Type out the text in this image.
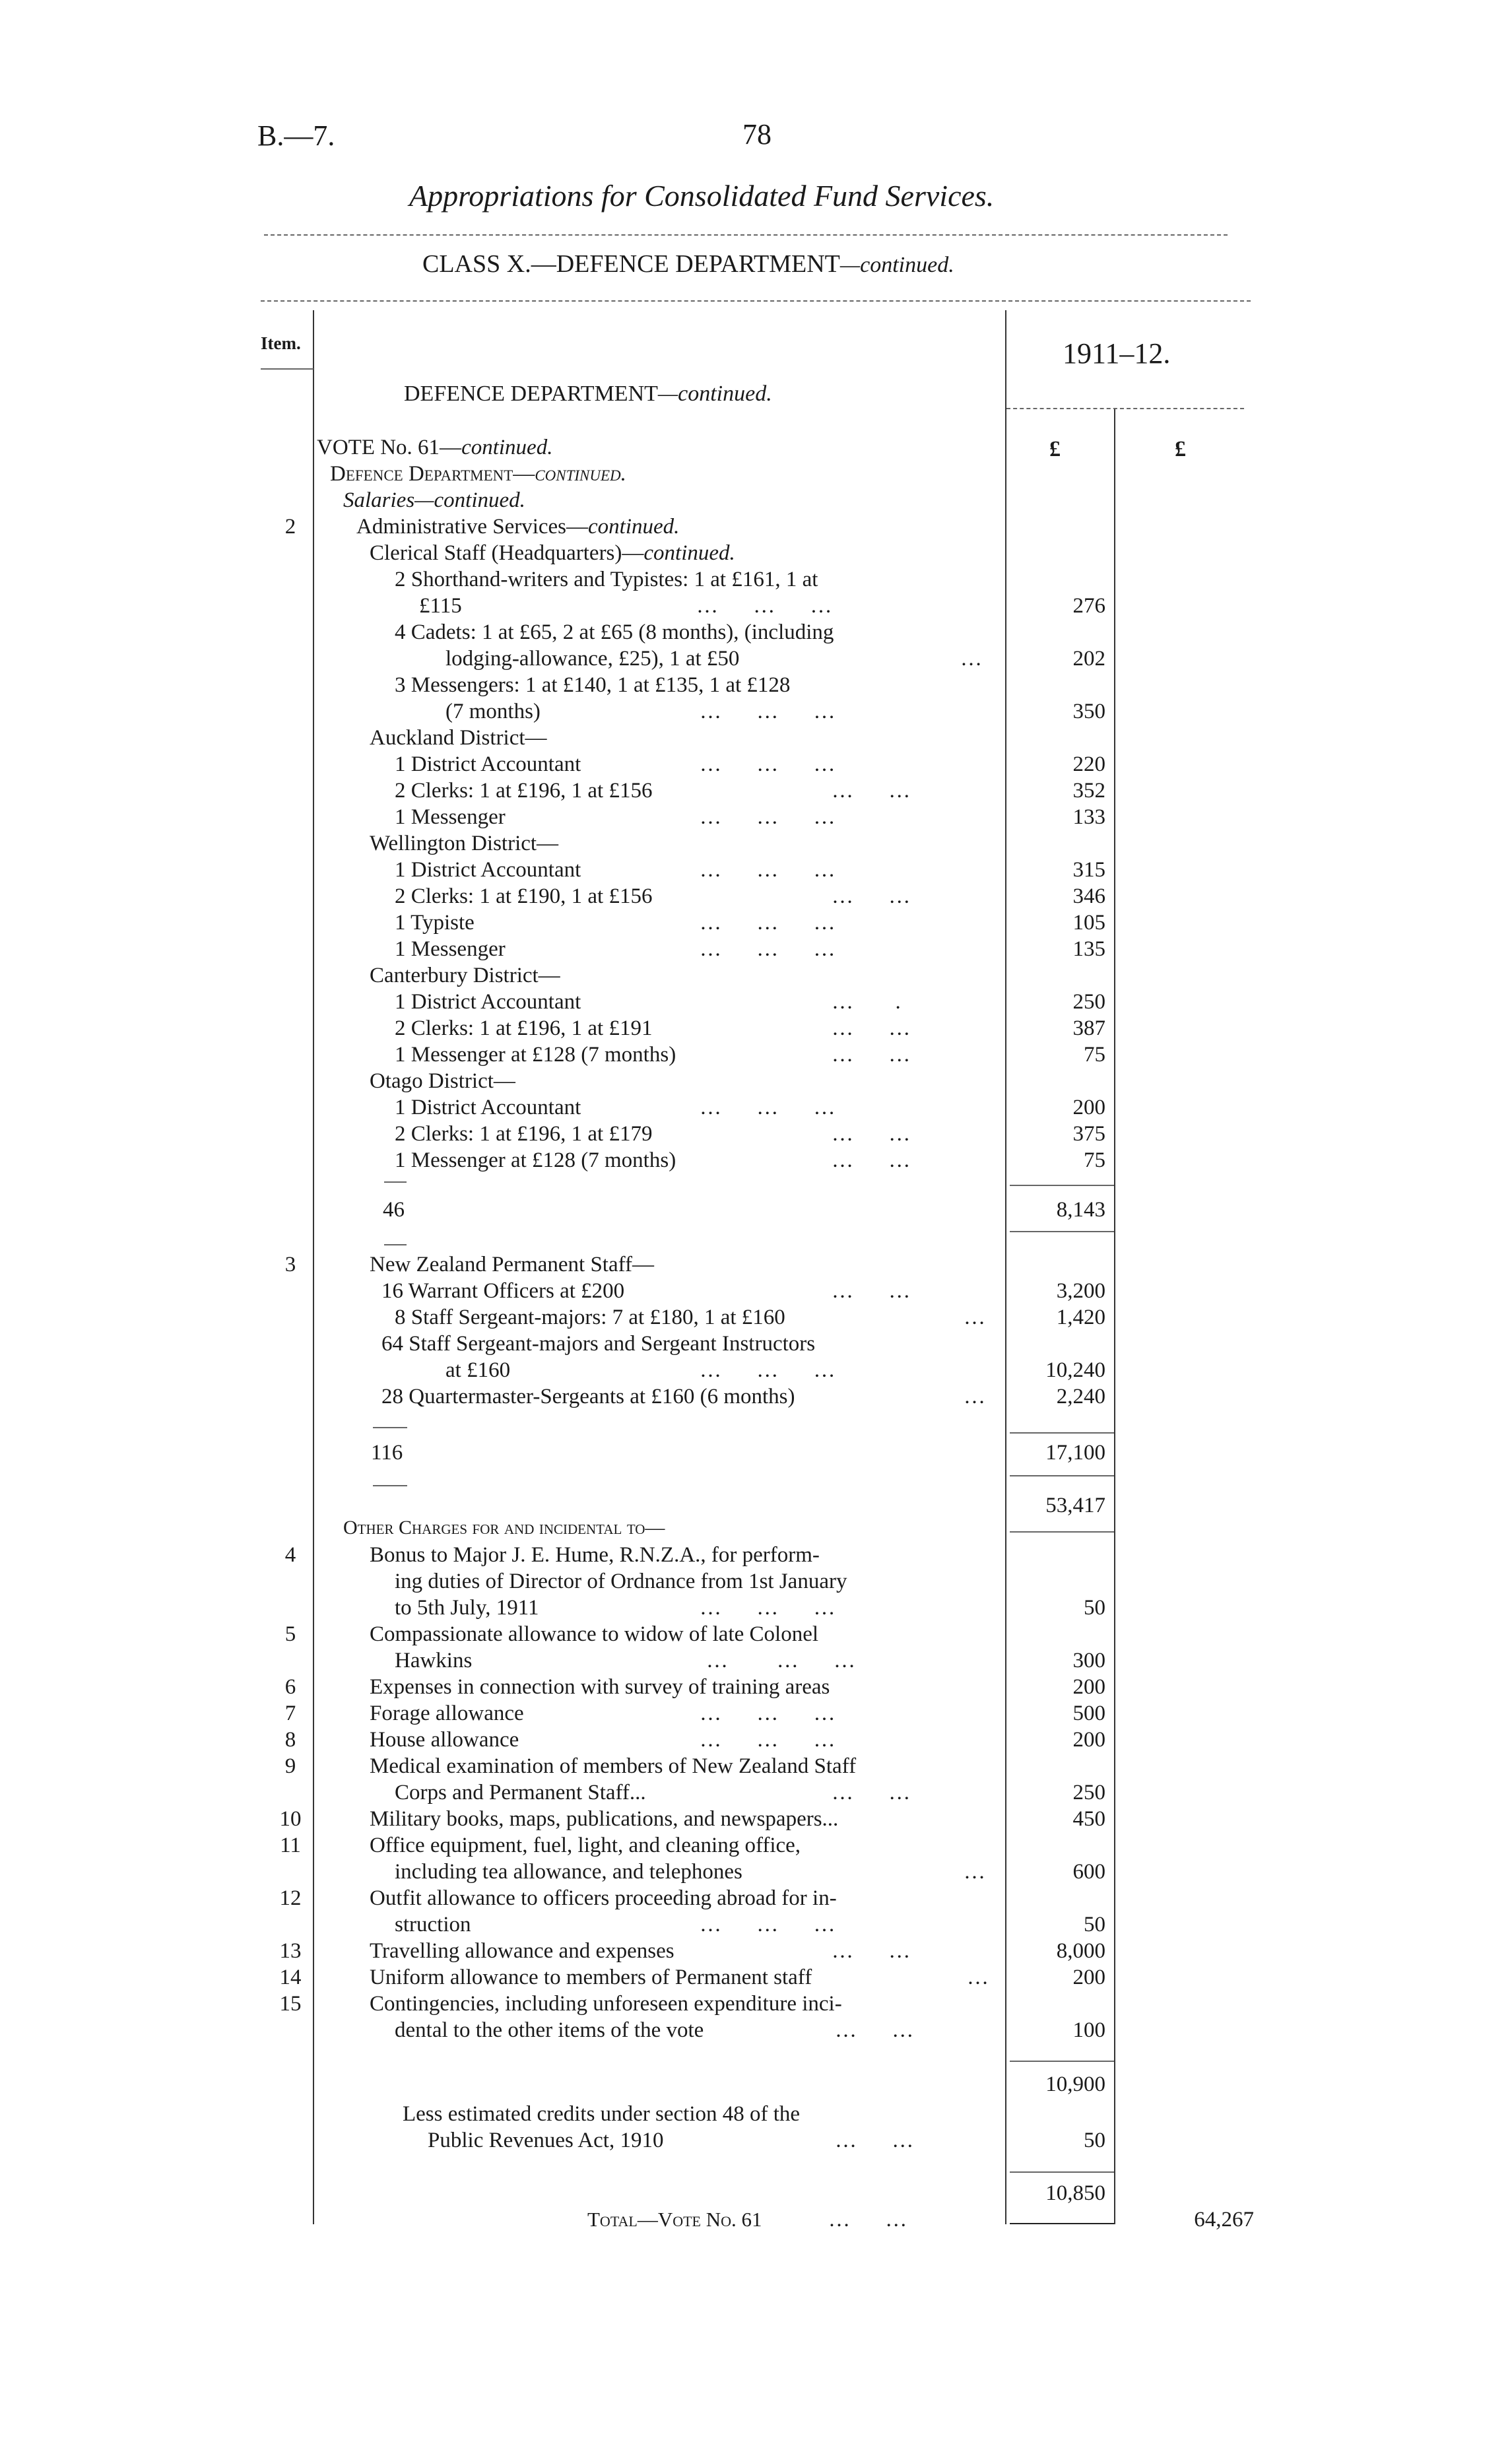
B.—7.	78
Appropriations for Consolidated Fund Services.
CLASS X.—DEFENCE DEPARTMENT—continued.
Item.	1911–12.
DEFENCE DEPARTMENT—continued.
£	£
VOTE No. 61—continued.
Defence Department—continued.
Salaries—continued.
2	Administrative Services—continued.
Clerical Staff (Headquarters)—continued.
2 Shorthand-writers and Typistes: 1 at £161, 1 at
£115	…     …     …	276
4 Cadets: 1 at £65, 2 at £65 (8 months), (including
lodging-allowance, £25), 1 at £50	…	202
3 Messengers: 1 at £140, 1 at £135, 1 at £128
(7 months)	…     …     …	350
Auckland District—
1 District Accountant	…     …     …	220
2 Clerks: 1 at £196, 1 at £156	…     …	352
1 Messenger	…     …     …	133
Wellington District—
1 District Accountant	…     …     …	315
2 Clerks: 1 at £190, 1 at £156	…     …	346
1 Typiste	…     …     …	105
1 Messenger	…     …     …	135
Canterbury District—
1 District Accountant	…      .	250
2 Clerks: 1 at £196, 1 at £191	…     …	387
1 Messenger at £128 (7 months)	…     …	75
Otago District—
1 District Accountant	…     …     …	200
2 Clerks: 1 at £196, 1 at £179	…     …	375
1 Messenger at £128 (7 months)	…     …	75
46	8,143
3	New Zealand Permanent Staff—
16 Warrant Officers at £200	…     …	3,200
8 Staff Sergeant-majors: 7 at £180, 1 at £160	…	1,420
64 Staff Sergeant-majors and Sergeant Instructors
at £160	…     …     …	10,240
28 Quartermaster-Sergeants at £160 (6 months)	…	2,240
116	17,100
53,417
Other Charges for and incidental to—
4	Bonus to Major J. E. Hume, R.N.Z.A., for perform-
ing duties of Director of Ordnance from 1st January
to 5th July, 1911	…     …     …	50
5	Compassionate allowance to widow of late Colonel
Hawkins	…       …     …	300
6	Expenses in connection with survey of training areas	200
7	Forage allowance	…     …     …	500
8	House allowance	…     …     …	200
9	Medical examination of members of New Zealand Staff
Corps and Permanent Staff...	…     …	250
10	Military books, maps, publications, and newspapers...	450
11	Office equipment, fuel, light, and cleaning office,
including tea allowance, and telephones	…	600
12	Outfit allowance to officers proceeding abroad for in-
struction	…     …     …	50
13	Travelling allowance and expenses	…     …	8,000
14	Uniform allowance to members of Permanent staff	…	200
15	Contingencies, including unforeseen expenditure inci-
dental to the other items of the vote	…     …	100
10,900
Less estimated credits under section 48 of the
Public Revenues Act, 1910	…     …	50
10,850
Total—Vote No. 61	…     …	64,267
